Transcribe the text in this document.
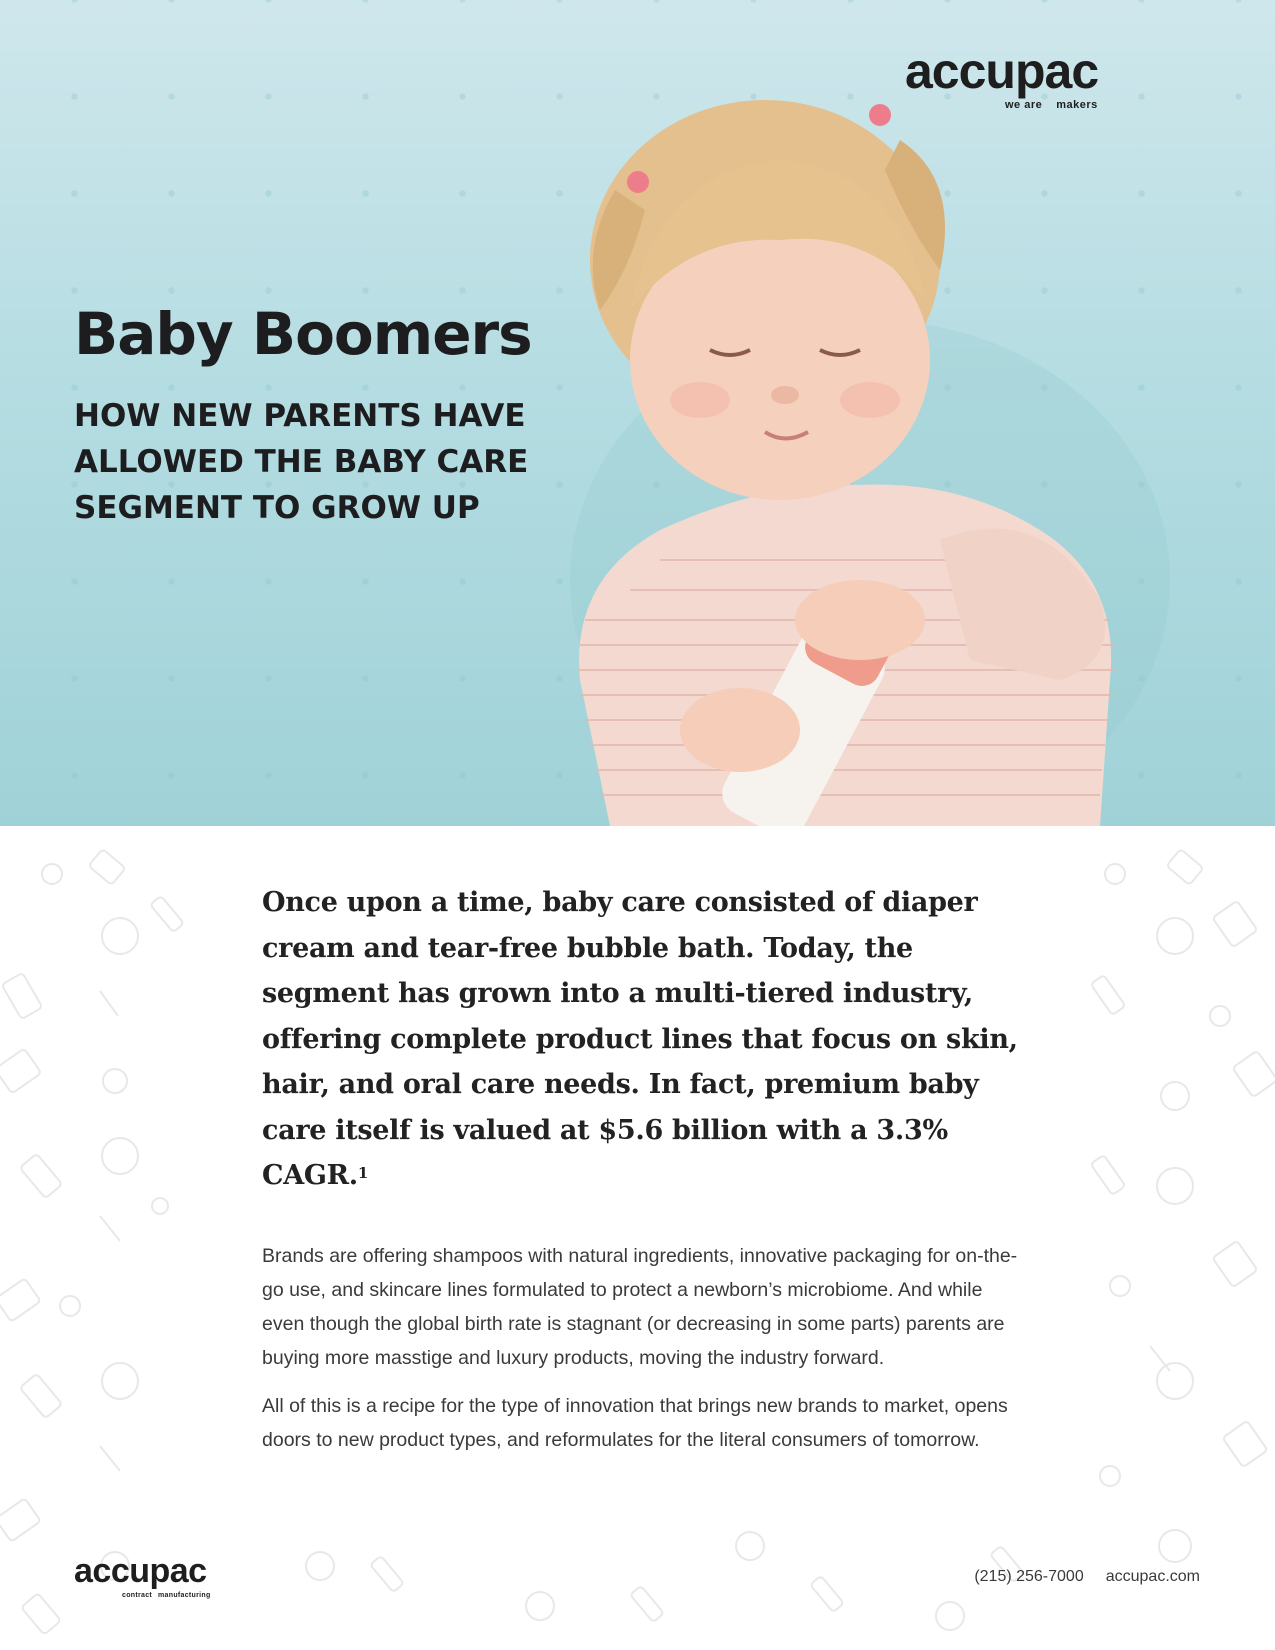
accupac
we are makers
Baby Boomers
HOW NEW PARENTS HAVE
ALLOWED THE BABY CARE
SEGMENT TO GROW UP

Once upon a time, baby care consisted of diaper cream and tear-free bubble bath. Today, the segment has grown into a multi-tiered industry, offering complete product lines that focus on skin, hair, and oral care needs. In fact, premium baby care itself is valued at $5.6 billion with a 3.3% CAGR.$^1$

Brands are offering shampoos with natural ingredients, innovative packaging for on-the-go use, and skincare lines formulated to protect a newborn’s microbiome. And while even though the global birth rate is stagnant (or decreasing in some parts) parents are buying more masstige and luxury products, moving the industry forward.

All of this is a recipe for the type of innovation that brings new brands to market, opens doors to new product types, and reformulates for the literal consumers of tomorrow.

accupac
contract manufacturing
(215) 256-7000 accupac.com
